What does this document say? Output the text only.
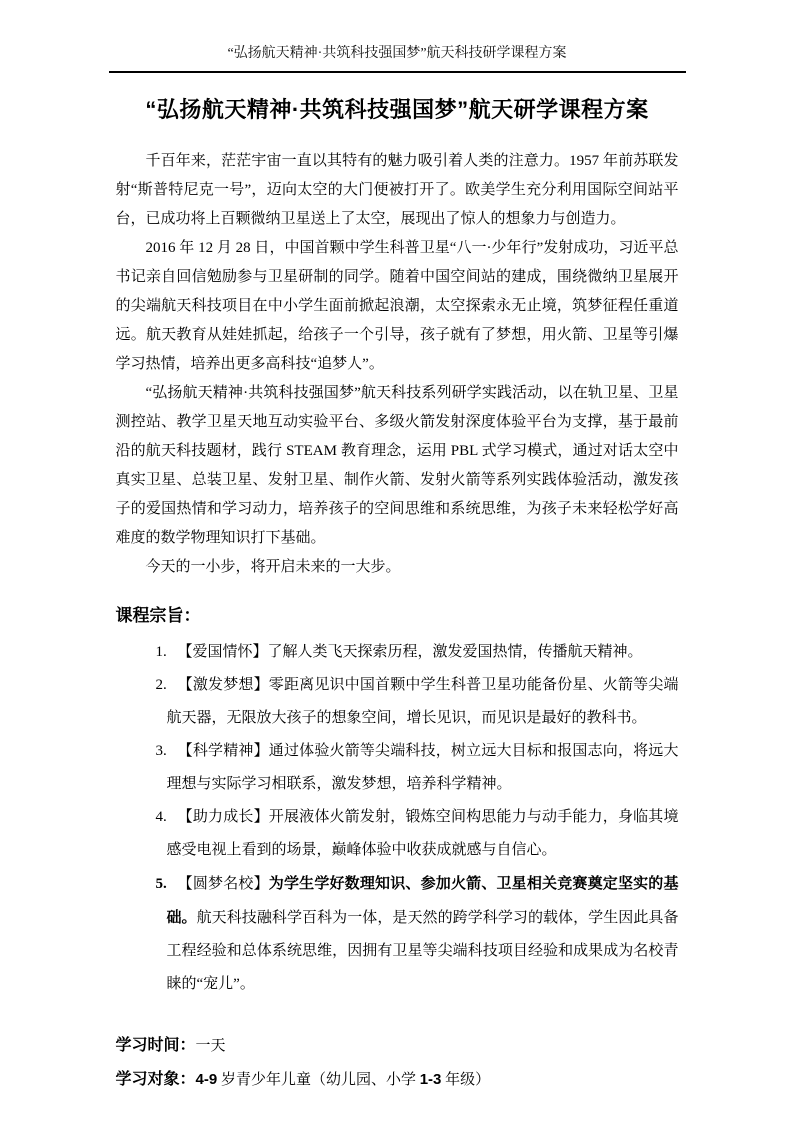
“弘扬航天精神·共筑科技强国梦”航天科技研学课程方案
“弘扬航天精神·共筑科技强国梦”航天研学课程方案

千百年来，茫茫宇宙一直以其特有的魅力吸引着人类的注意力。1957 年前苏联发射“斯普特尼克一号”，迈向太空的大门便被打开了。欧美学生充分利用国际空间站平台，已成功将上百颗微纳卫星送上了太空，展现出了惊人的想象力与创造力。

2016 年 12 月 28 日，中国首颗中学生科普卫星“八一·少年行”发射成功，习近平总书记亲自回信勉励参与卫星研制的同学。随着中国空间站的建成，围绕微纳卫星展开的尖端航天科技项目在中小学生面前掀起浪潮，太空探索永无止境，筑梦征程任重道远。航天教育从娃娃抓起，给孩子一个引导，孩子就有了梦想，用火箭、卫星等引爆学习热情，培养出更多高科技“追梦人”。

“弘扬航天精神·共筑科技强国梦”航天科技系列研学实践活动，以在轨卫星、卫星测控站、教学卫星天地互动实验平台、多级火箭发射深度体验平台为支撑，基于最前沿的航天科技题材，践行 STEAM 教育理念，运用 PBL 式学习模式，通过对话太空中真实卫星、总装卫星、发射卫星、制作火箭、发射火箭等系列实践体验活动，激发孩子的爱国热情和学习动力，培养孩子的空间思维和系统思维，为孩子未来轻松学好高难度的数学物理知识打下基础。

今天的一小步，将开启未来的一大步。

课程宗旨：

1. 【爱国情怀】了解人类飞天探索历程，激发爱国热情，传播航天精神。

2. 【激发梦想】零距离见识中国首颗中学生科普卫星功能备份星、火箭等尖端航天器，无限放大孩子的想象空间，增长见识，而见识是最好的教科书。

3. 【科学精神】通过体验火箭等尖端科技，树立远大目标和报国志向，将远大理想与实际学习相联系，激发梦想，培养科学精神。

4. 【助力成长】开展液体火箭发射，锻炼空间构思能力与动手能力，身临其境感受电视上看到的场景，巅峰体验中收获成就感与自信心。

5. 【圆梦名校】为学生学好数理知识、参加火箭、卫星相关竞赛奠定坚实的基础。航天科技融科学百科为一体，是天然的跨学科学习的载体，学生因此具备工程经验和总体系统思维，因拥有卫星等尖端科技项目经验和成果成为名校青睐的“宠儿”。

学习时间：一天

学习对象：4-9 岁青少年儿童（幼儿园、小学 1-3 年级）
